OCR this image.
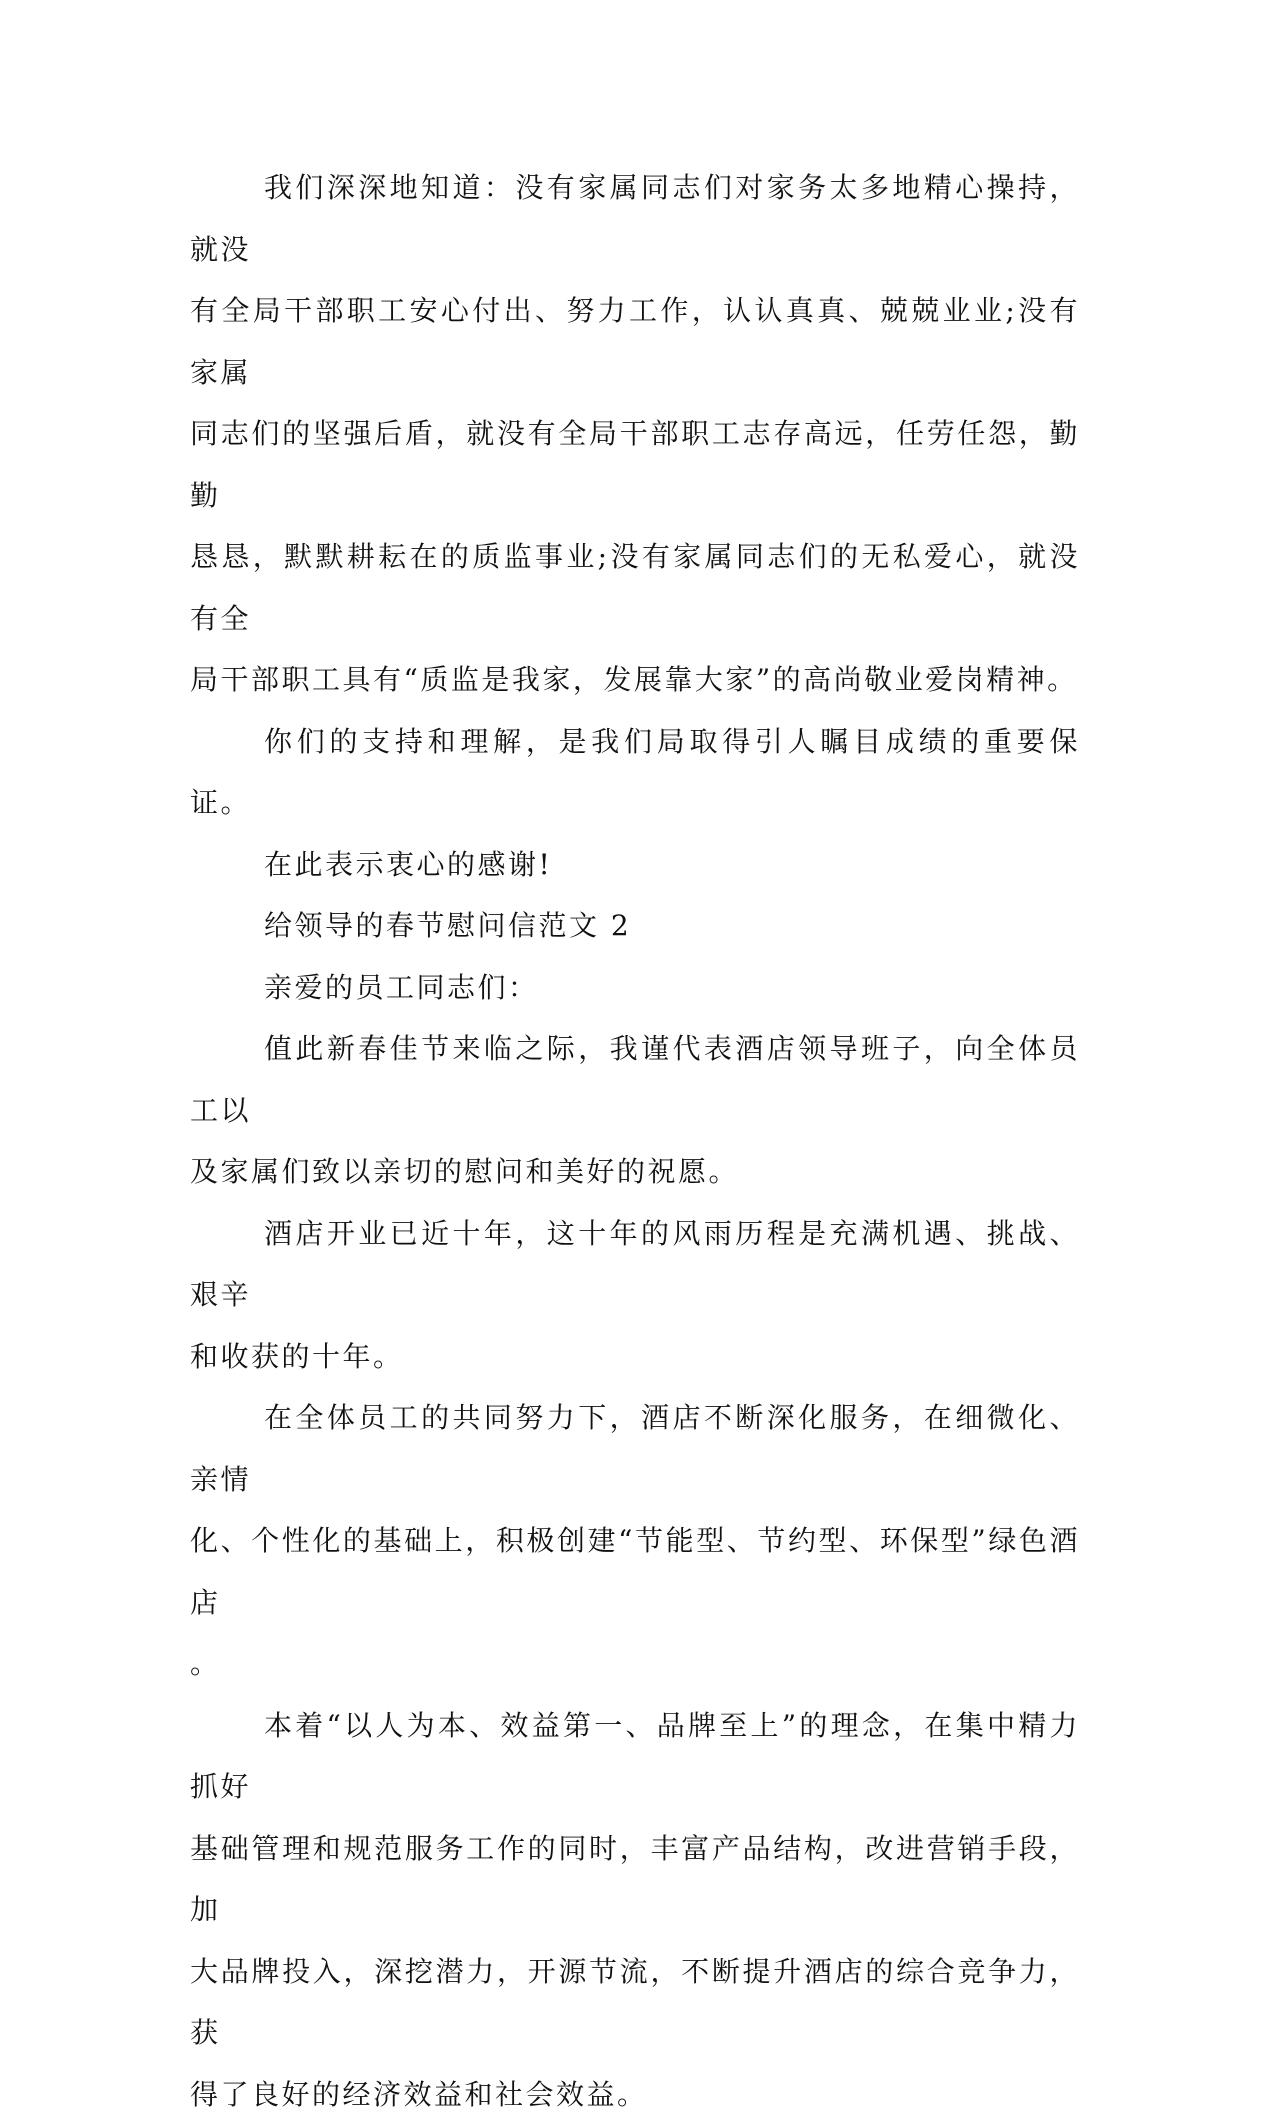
我们深深地知道：没有家属同志们对家务太多地精心操持，就没
有全局干部职工安心付出、努力工作，认认真真、兢兢业业;没有家属
同志们的坚强后盾，就没有全局干部职工志存高远，任劳任怨，勤勤
恳恳，默默耕耘在的质监事业;没有家属同志们的无私爱心，就没有全
局干部职工具有“质监是我家，发展靠大家”的高尚敬业爱岗精神。

你们的支持和理解，是我们局取得引人瞩目成绩的重要保证。

在此表示衷心的感谢!

给领导的春节慰问信范文 2

亲爱的员工同志们：

值此新春佳节来临之际，我谨代表酒店领导班子，向全体员工以
及家属们致以亲切的慰问和美好的祝愿。

酒店开业已近十年，这十年的风雨历程是充满机遇、挑战、艰辛
和收获的十年。

在全体员工的共同努力下，酒店不断深化服务，在细微化、亲情
化、个性化的基础上，积极创建“节能型、节约型、环保型”绿色酒店
。

本着“以人为本、效益第一、品牌至上”的理念，在集中精力抓好
基础管理和规范服务工作的同时，丰富产品结构，改进营销手段，加
大品牌投入，深挖潜力，开源节流，不断提升酒店的综合竞争力，获
得了良好的经济效益和社会效益。
